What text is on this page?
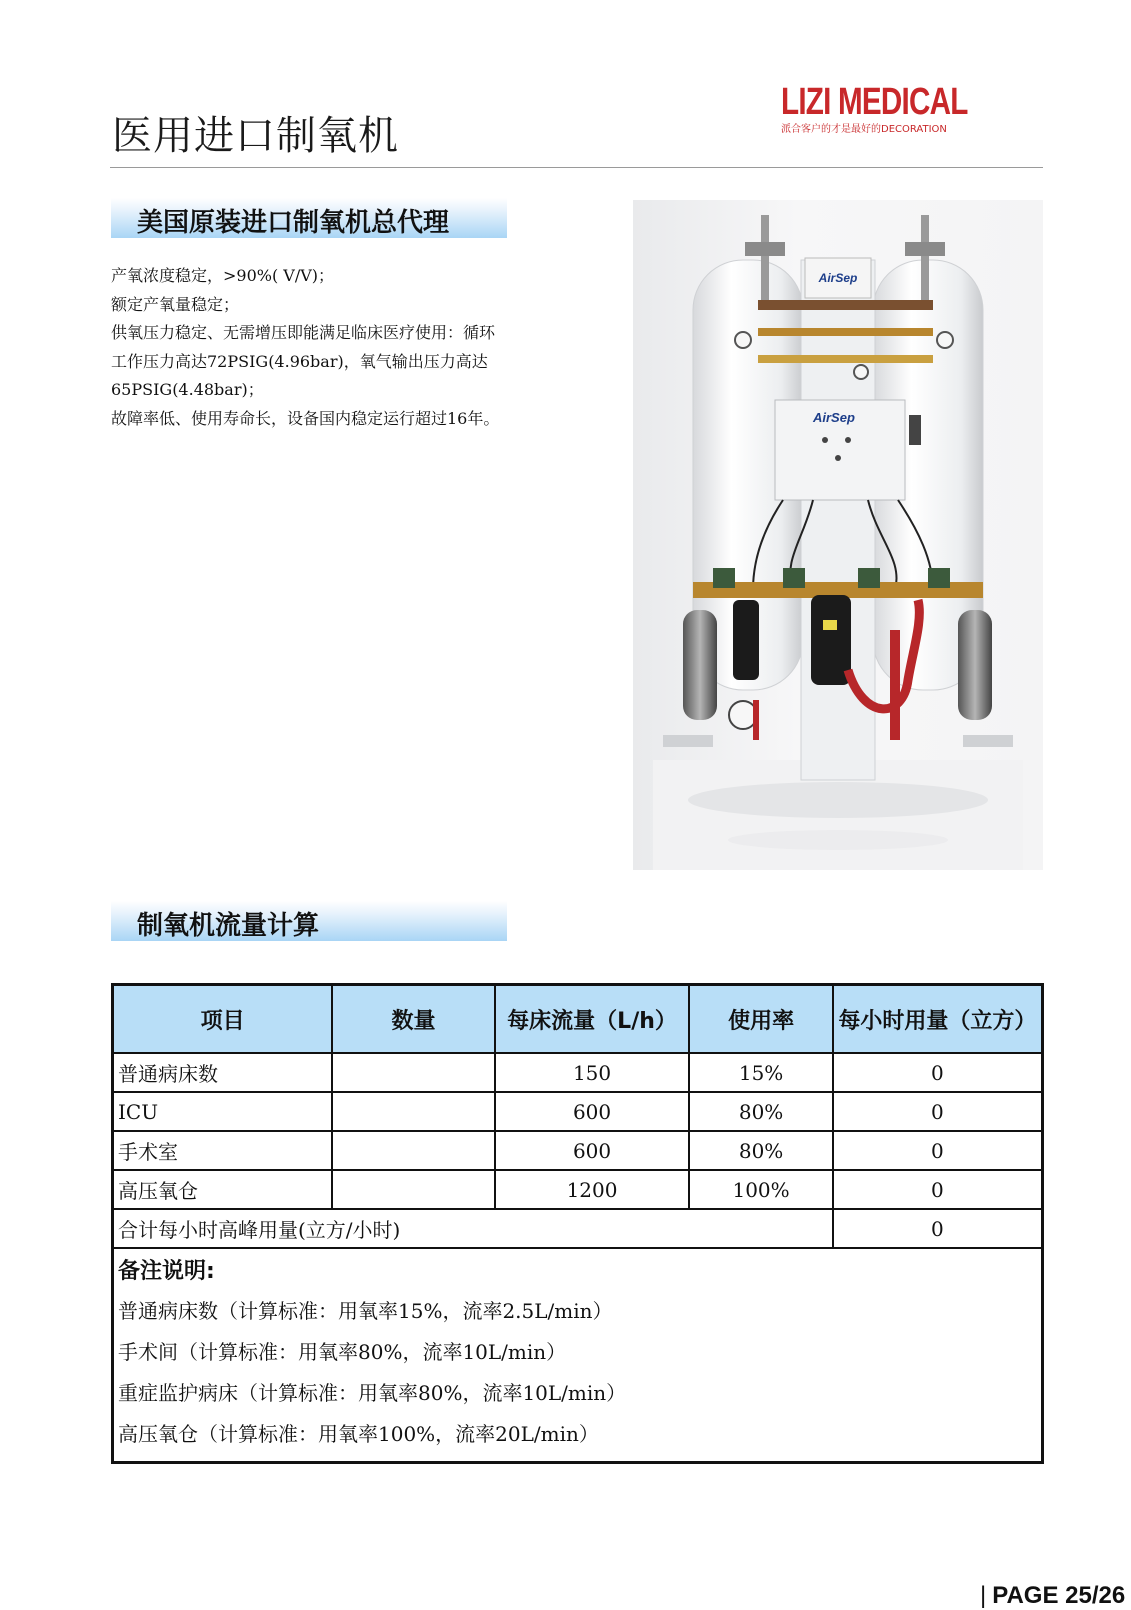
LIZI MEDICAL
派合客户的才是最好的DECORATION
医用进口制氧机
美国原装进口制氧机总代理

产氧浓度稳定，>90%( V/V)；

额定产氧量稳定；

供氧压力稳定、无需增压即能满足临床医疗使用：循环

工作压力高达72PSIG(4.96bar)，氧气输出压力高达

65PSIG(4.48bar)；

故障率低、使用寿命长，设备国内稳定运行超过16年。

AirSep
AirSep
制氧机流量计算
项目	数量	每床流量（L/h）	使用率	每小时用量（立方）
普通病床数		150	15%	0
ICU		600	80%	0
手术室		600	80%	0
高压氧仓		1200	100%	0
合计每小时高峰用量(立方/小时)				0

备注说明:
普通病床数（计算标准：用氧率15%，流率2.5L/min）
手术间（计算标准：用氧率80%，流率10L/min）
重症监护病床（计算标准：用氧率80%，流率10L/min）
高压氧仓（计算标准：用氧率100%，流率20L/min）				
| PAGE 25/26
